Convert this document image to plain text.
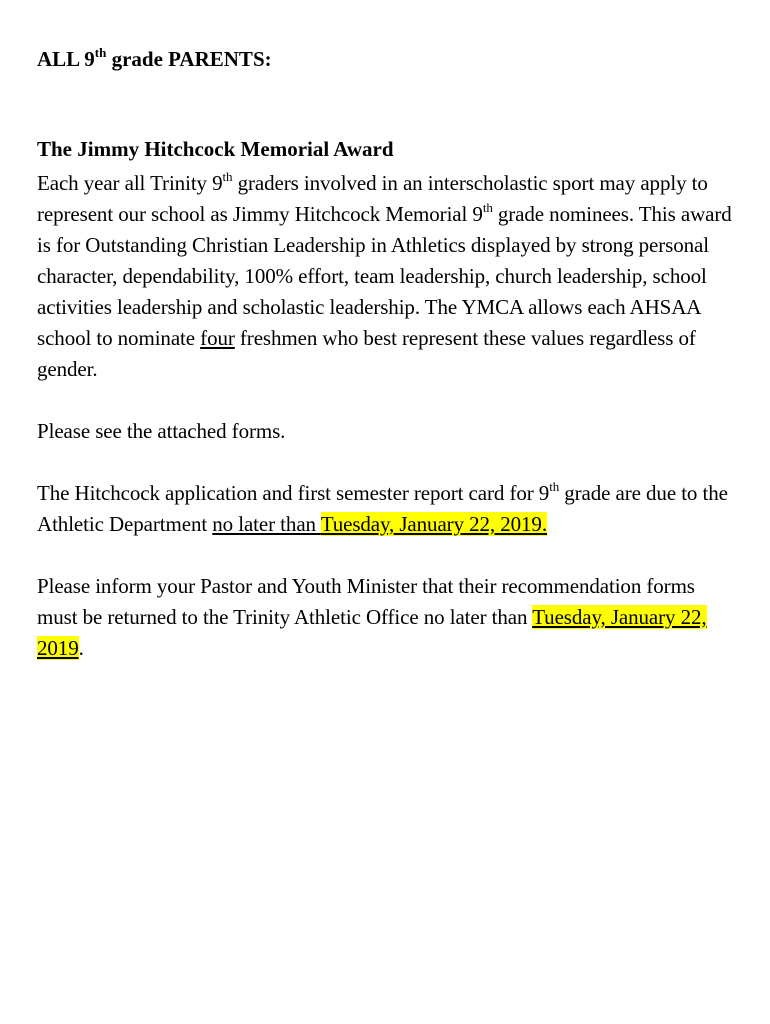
ALL 9th grade PARENTS:

The Jimmy Hitchcock Memorial Award

Each year all Trinity 9th graders involved in an interscholastic sport may apply to represent our school as Jimmy Hitchcock Memorial 9th grade nominees. This award is for Outstanding Christian Leadership in Athletics displayed by strong personal character, dependability, 100% effort, team leadership, church leadership, school activities leadership and scholastic leadership. The YMCA allows each AHSAA school to nominate four freshmen who best represent these values regardless of gender.

Please see the attached forms.

The Hitchcock application and first semester report card for 9th grade are due to the Athletic Department no later than Tuesday, January 22, 2019.

Please inform your Pastor and Youth Minister that their recommendation forms must be returned to the Trinity Athletic Office no later than Tuesday, January 22, 2019.
